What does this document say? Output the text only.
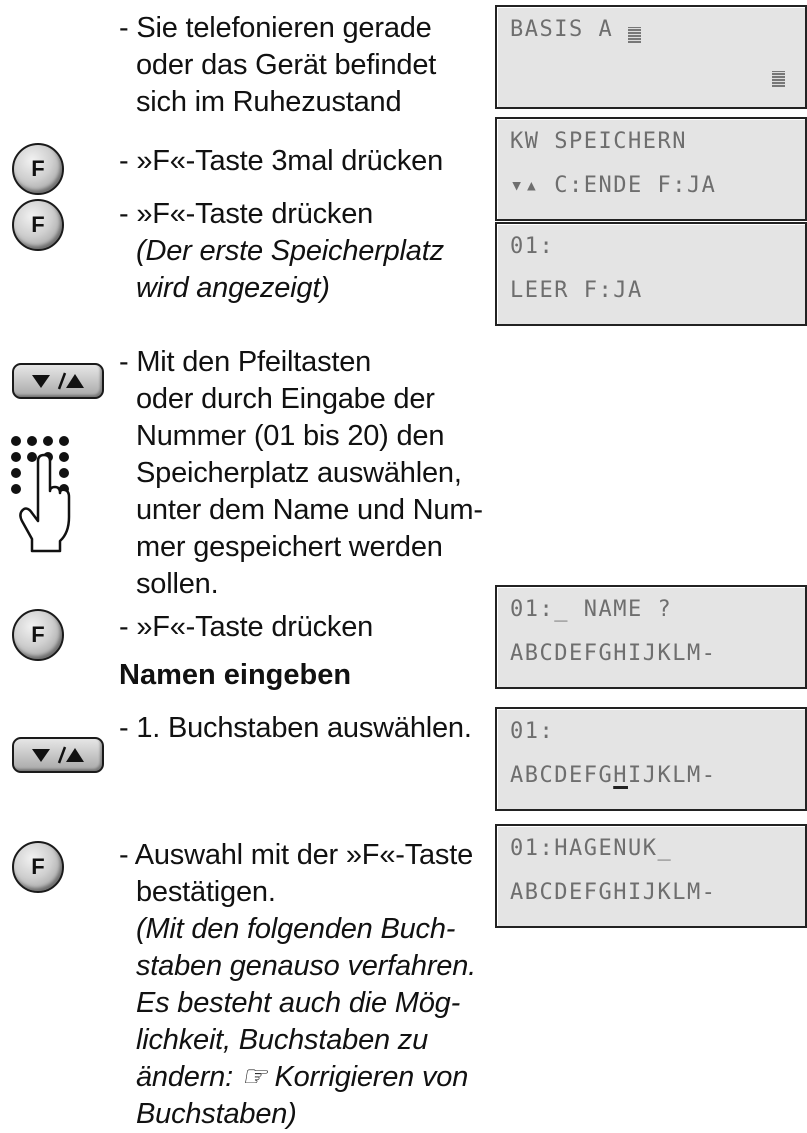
- Sie telefonieren gerade
oder das Gerät befindet
sich im Ruhezustand
BASIS A
F	- »F«-Taste 3mal drücken
KW SPEICHERN
▾▴ C:ENDE F:JA
F	- »F«-Taste drücken
(Der erste Speicherplatz
wird angezeigt)
01:
LEER F:JA
- Mit den Pfeiltasten
oder durch Eingabe der
Nummer (01 bis 20) den
Speicherplatz auswählen,
unter dem Name und Num-
mer gespeichert werden
sollen.
F	- »F«-Taste drücken
01:_ NAME ?
ABCDEFGHIJKLM-
Namen eingeben
- 1. Buchstaben auswählen. 01:
ABCDEFGHIJKLM-
F	- Auswahl mit der »F«-Taste
bestätigen.
(Mit den folgenden Buch-
staben genauso verfahren.
Es besteht auch die Mög-
lichkeit, Buchstaben zu
ändern: ☞ Korrigieren von
Buchstaben)
01:HAGENUK_
ABCDEFGHIJKLM-
